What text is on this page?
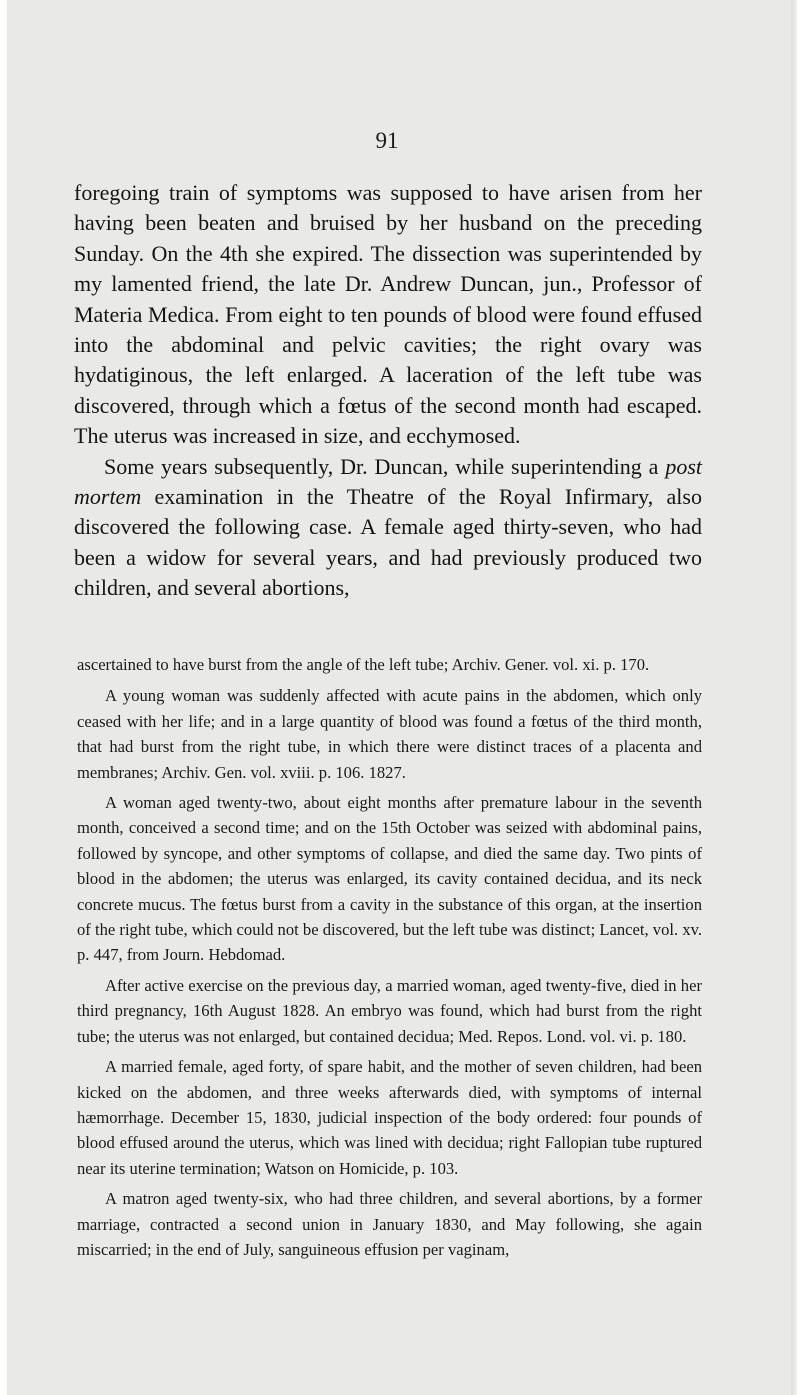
91

foregoing train of symptoms was supposed to have arisen from her having been beaten and bruised by her husband on the preceding Sunday. On the 4th she expired. The dissection was superintended by my lamented friend, the late Dr. Andrew Duncan, jun., Professor of Materia Medica. From eight to ten pounds of blood were found effused into the abdominal and pelvic cavities; the right ovary was hydatiginous, the left enlarged. A laceration of the left tube was discovered, through which a fœtus of the second month had escaped. The uterus was increased in size, and ecchymosed.

Some years subsequently, Dr. Duncan, while superintending a post mortem examination in the Theatre of the Royal Infirmary, also discovered the following case. A female aged thirty-seven, who had been a widow for several years, and had previously produced two children, and several abortions,

ascertained to have burst from the angle of the left tube; Archiv. Gener. vol. xi. p. 170.

A young woman was suddenly affected with acute pains in the abdomen, which only ceased with her life; and in a large quantity of blood was found a fœtus of the third month, that had burst from the right tube, in which there were distinct traces of a placenta and membranes; Archiv. Gen. vol. xviii. p. 106. 1827.

A woman aged twenty-two, about eight months after premature labour in the seventh month, conceived a second time; and on the 15th October was seized with abdominal pains, followed by syncope, and other symptoms of collapse, and died the same day. Two pints of blood in the abdomen; the uterus was enlarged, its cavity contained decidua, and its neck concrete mucus. The fœtus burst from a cavity in the substance of this organ, at the insertion of the right tube, which could not be discovered, but the left tube was distinct; Lancet, vol. xv. p. 447, from Journ. Hebdomad.

After active exercise on the previous day, a married woman, aged twenty-five, died in her third pregnancy, 16th August 1828. An embryo was found, which had burst from the right tube; the uterus was not enlarged, but contained decidua; Med. Repos. Lond. vol. vi. p. 180.

A married female, aged forty, of spare habit, and the mother of seven children, had been kicked on the abdomen, and three weeks afterwards died, with symptoms of internal hæmorrhage. December 15, 1830, judicial inspection of the body ordered: four pounds of blood effused around the uterus, which was lined with decidua; right Fallopian tube ruptured near its uterine termination; Watson on Homicide, p. 103.

A matron aged twenty-six, who had three children, and several abortions, by a former marriage, contracted a second union in January 1830, and May following, she again miscarried; in the end of July, sanguineous effusion per vaginam,
